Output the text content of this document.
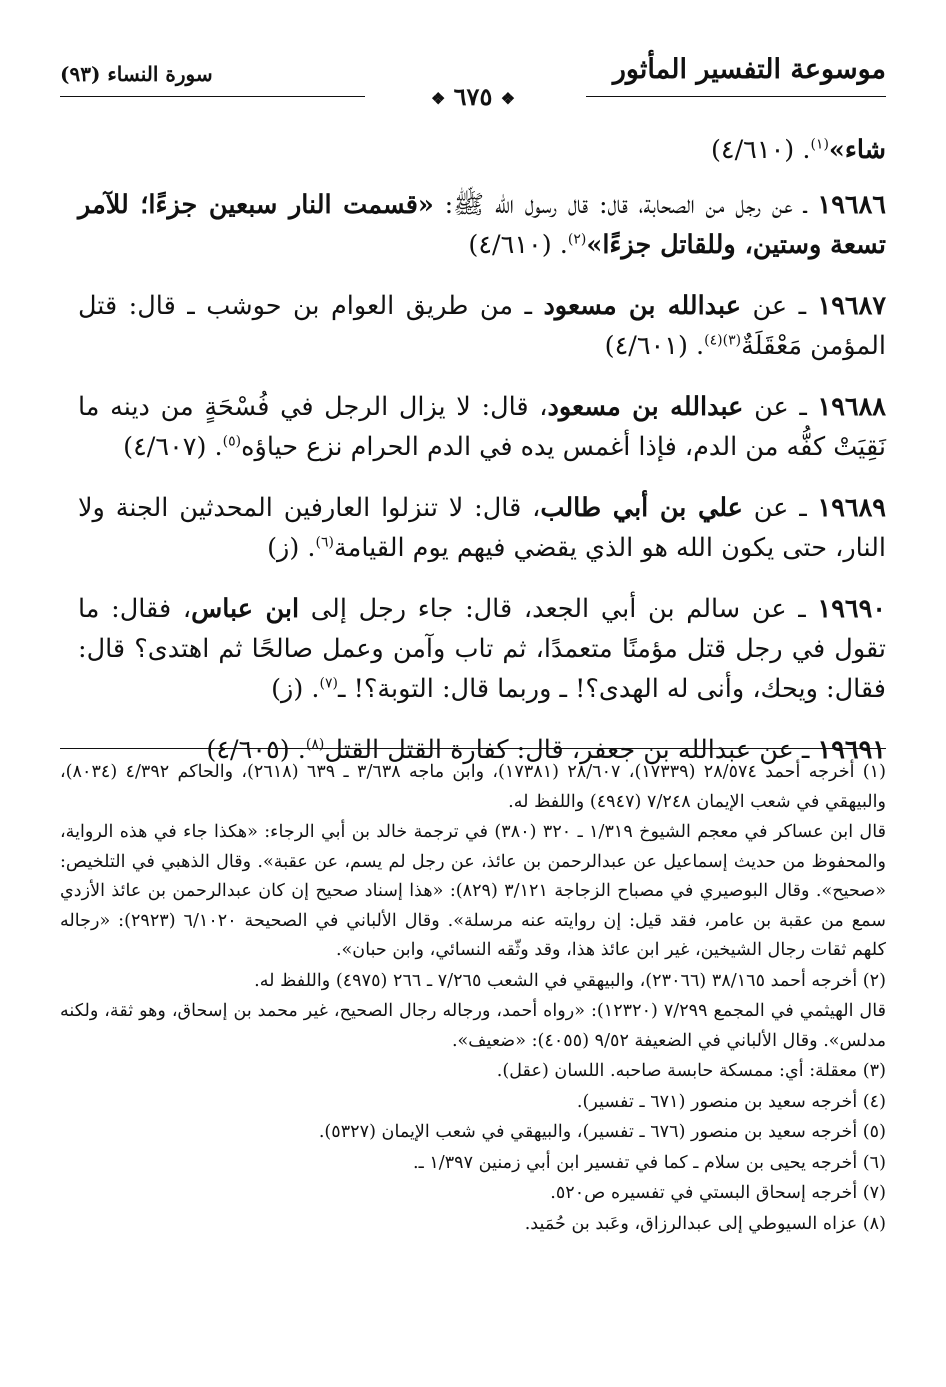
موسوعة التفسير المأثور
سورة النساء (٩٣)
❖ ٦٧٥ ❖

شاء»$^{(١)}$. (٤/٦١٠)

١٩٦٨٦ ـ عن رجل من الصحابة، قال: قال رسول الله ﷺ: «قسمت النار سبعين جزءًا؛ للآمر تسعة وستين، وللقاتل جزءًا»$^{(٢)}$. (٤/٦١٠)

١٩٦٨٧ ـ عن عبدالله بن مسعود ـ من طريق العوام بن حوشب ـ قال: قتل المؤمن مَعْقَلَةٌ$^{(٣)(٤)}$. (٤/٦٠١)

١٩٦٨٨ ـ عن عبدالله بن مسعود، قال: لا يزال الرجل في فُسْحَةٍ من دينه ما نَقِيَتْ كفُّه من الدم، فإذا أغمس يده في الدم الحرام نزع حياؤه$^{(٥)}$. (٤/٦٠٧)

١٩٦٨٩ ـ عن علي بن أبي طالب، قال: لا تنزلوا العارفين المحدثين الجنة ولا النار، حتى يكون الله هو الذي يقضي فيهم يوم القيامة$^{(٦)}$. (ز)

١٩٦٩٠ ـ عن سالم بن أبي الجعد، قال: جاء رجل إلى ابن عباس، فقال: ما تقول في رجل قتل مؤمنًا متعمدًا، ثم تاب وآمن وعمل صالحًا ثم اهتدى؟ قال: فقال: ويحك، وأنى له الهدى؟! ـ وربما قال: التوبة؟! ـ$^{(٧)}$. (ز)

١٩٦٩١ ـ عن عبدالله بن جعفر، قال: كفارة القتل القتل$^{(٨)}$. (٤/٦٠٥)

(١) أخرجه أحمد ٢٨/٥٧٤ (١٧٣٣٩)، ٢٨/٦٠٧ (١٧٣٨١)، وابن ماجه ٣/٦٣٨ ـ ٦٣٩ (٢٦١٨)، والحاكم ٤/٣٩٢ (٨٠٣٤)، والبيهقي في شعب الإيمان ٧/٢٤٨ (٤٩٤٧) واللفظ له.

قال ابن عساكر في معجم الشيوخ ١/٣١٩ ـ ٣٢٠ (٣٨٠) في ترجمة خالد بن أبي الرجاء: «هكذا جاء في هذه الرواية، والمحفوظ من حديث إسماعيل عن عبدالرحمن بن عائذ، عن رجل لم يسم، عن عقبة». وقال الذهبي في التلخيص: «صحيح». وقال البوصيري في مصباح الزجاجة ٣/١٢١ (٨٢٩): «هذا إسناد صحيح إن كان عبدالرحمن بن عائذ الأزدي سمع من عقبة بن عامر، فقد قيل: إن روايته عنه مرسلة». وقال الألباني في الصحيحة ٦/١٠٢٠ (٢٩٢٣): «رجاله كلهم ثقات رجال الشيخين، غير ابن عائذ هذا، وقد وثّقه النسائي، وابن حبان».

(٢) أخرجه أحمد ٣٨/١٦٥ (٢٣٠٦٦)، والبيهقي في الشعب ٧/٢٦٥ ـ ٢٦٦ (٤٩٧٥) واللفظ له.

قال الهيثمي في المجمع ٧/٢٩٩ (١٢٣٢٠): «رواه أحمد، ورجاله رجال الصحيح، غير محمد بن إسحاق، وهو ثقة، ولكنه مدلس». وقال الألباني في الضعيفة ٩/٥٢ (٤٠٥٥): «ضعيف».

(٣) معقلة: أي: ممسكة حابسة صاحبه. اللسان (عقل).

(٤) أخرجه سعيد بن منصور (٦٧١ ـ تفسير).

(٥) أخرجه سعيد بن منصور (٦٧٦ ـ تفسير)، والبيهقي في شعب الإيمان (٥٣٢٧).

(٦) أخرجه يحيى بن سلام ـ كما في تفسير ابن أبي زمنين ١/٣٩٧ ـ.

(٧) أخرجه إسحاق البستي في تفسيره ص٥٢٠.

(٨) عزاه السيوطي إلى عبدالرزاق، وعَبد بن حُمَيد.
